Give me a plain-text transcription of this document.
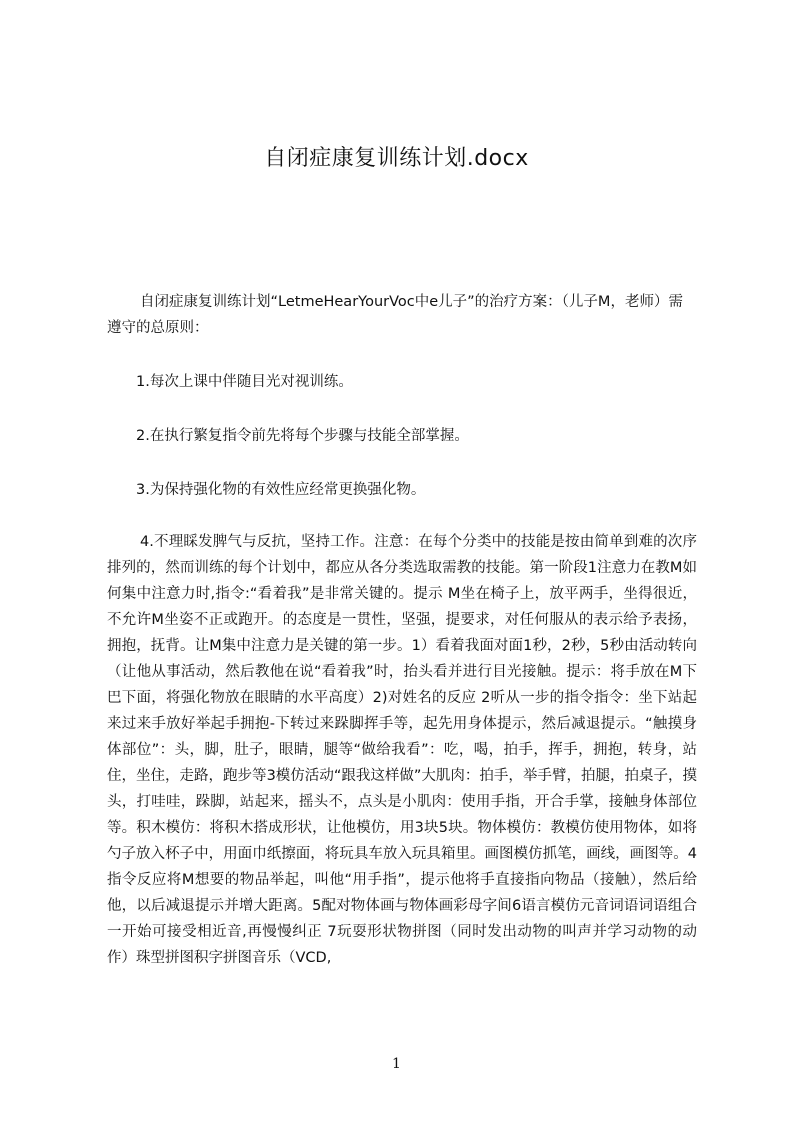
自闭症康复训练计划.docx
自闭症康复训练计划“LetmeHearYourVoc中e儿子”的治疗方案：（儿子M，老师）需遵守的总原则：
1.每次上课中伴随目光对视训练。
2.在执行繁复指令前先将每个步骤与技能全部掌握。
3.为保持强化物的有效性应经常更换强化物。
4.不理睬发脾气与反抗，坚持工作。注意：在每个分类中的技能是按由简单到难的次序排列的，然而训练的每个计划中，都应从各分类选取需教的技能。第一阶段1注意力在教M如何集中注意力时,指令:“看着我”是非常关键的。提示 M坐在椅子上，放平两手，坐得很近，不允许M坐姿不正或跑开。的态度是一贯性，坚强，提要求，对任何服从的表示给予表扬，拥抱，抚背。让M集中注意力是关键的第一步。1）看着我面对面1秒，2秒，5秒由活动转向（让他从事活动，然后教他在说“看着我”时，抬头看并进行目光接触。提示：将手放在M下巴下面，将强化物放在眼睛的水平高度）2)对姓名的反应 2听从一步的指令指令：坐下站起来过来手放好举起手拥抱-下转过来跺脚挥手等，起先用身体提示，然后减退提示。“触摸身体部位”：头，脚，肚子，眼睛，腿等“做给我看”：吃，喝，拍手，挥手，拥抱，转身，站住，坐住，走路，跑步等3模仿活动“跟我这样做”大肌肉：拍手，举手臂，拍腿，拍桌子，摸头，打哇哇，跺脚，站起来，摇头不，点头是小肌肉：使用手指，开合手掌，接触身体部位等。积木模仿：将积木搭成形状，让他模仿，用3块5块。物体模仿：教模仿使用物体，如将勺子放入杯子中，用面巾纸擦面，将玩具车放入玩具箱里。画图模仿抓笔，画线，画图等。4指令反应将M想要的物品举起，叫他“用手指”，提示他将手直接指向物品（接触），然后给他，以后减退提示并增大距离。5配对物体画与物体画彩母字间6语言模仿元音词语词语组合一开始可接受相近音,再慢慢纠正 7玩耍形状物拼图（同时发出动物的叫声并学习动物的动作）珠型拼图积字拼图音乐（VCD,
1
